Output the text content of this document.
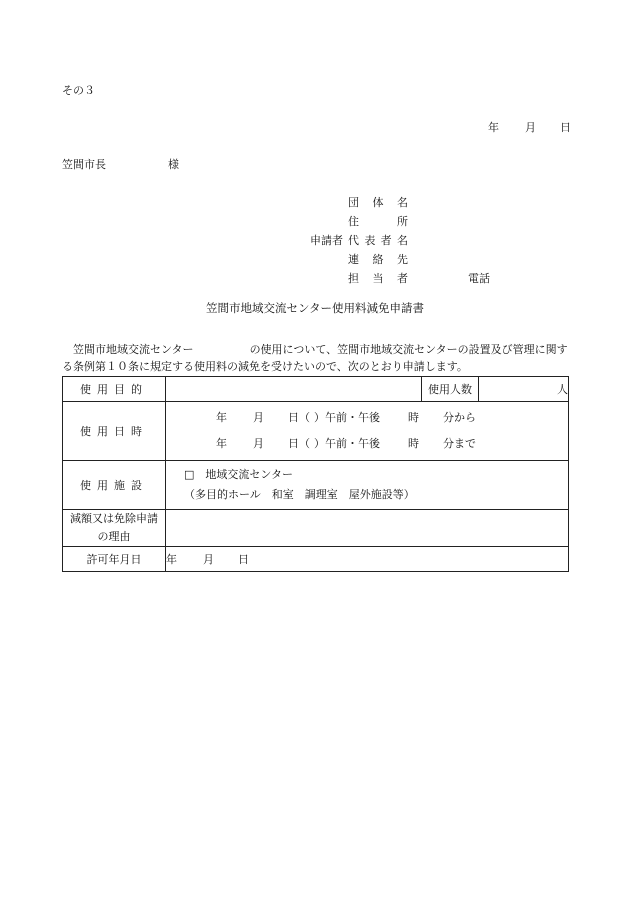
その３
年 月 日
笠間市長	様
団体名
住所
申請者 代表者名
連絡先
担当者	電話
笠間市地域交流センター使用料減免申請書
　笠間市地域交流センター	の使用について、笠間市地域交流センターの設置及び管理に関す
る条例第１０条に規定する使用料の減免を受けたいので、次のとおり申請します。
使用目的		使用人数	人
使用日時	年 月 日（ ）午前・午後 時 分から
年 月 日（ ）午前・午後 時 分まで		

使用施設	□　 地域交流センター
（多目的ホール　和室　調理室　屋外施設等）		

減額又は免除申請
の理由			

許可年月日	年 月 日		
